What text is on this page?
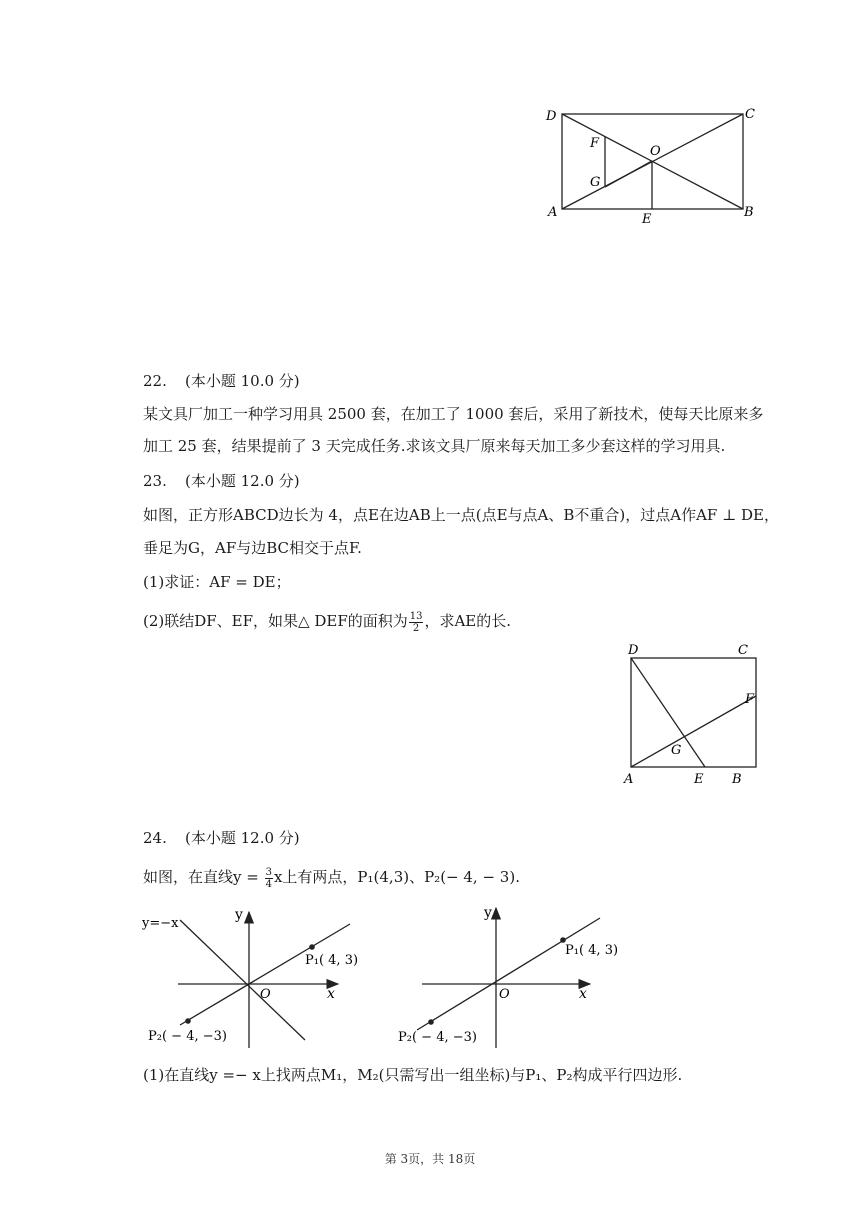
D	C
F
O
G
A	E	B
22. (本小题 10.0 分)
某文具厂加工一种学习用具 2500 套，在加工了 1000 套后，采用了新技术，使每天比原来多
加工 25 套，结果提前了 3 天完成任务.求该文具厂原来每天加工多少套这样的学习用具.
23. (本小题 12.0 分)
如图，正方形ABCD边长为 4，点E在边AB上一点(点E与点A、B不重合)，过点A作AF ⊥ DE，
垂足为G，AF与边BC相交于点F.
(1)求证：AF = DE；
(2)联结DF、EF，如果△ DEF的面积为 $\frac{13}{2}$ ，求AE的长.
D	C
F
G
A	E B
24. (本小题 12.0 分)
如图，在直线$y = \frac{3}{4}$ x上有两点，P₁(4,3)、P₂(− 4, − 3).
y=−x
y
x
O
P₁( 4, 3)
P₂( − 4, −3)
y
x
O
P₁( 4, 3)
P₂( − 4, −3)
(1)在直线y =− x上找两点M₁，M₂(只需写出一组坐标)与P₁、P₂构成平行四边形.
第 3页，共 18页
